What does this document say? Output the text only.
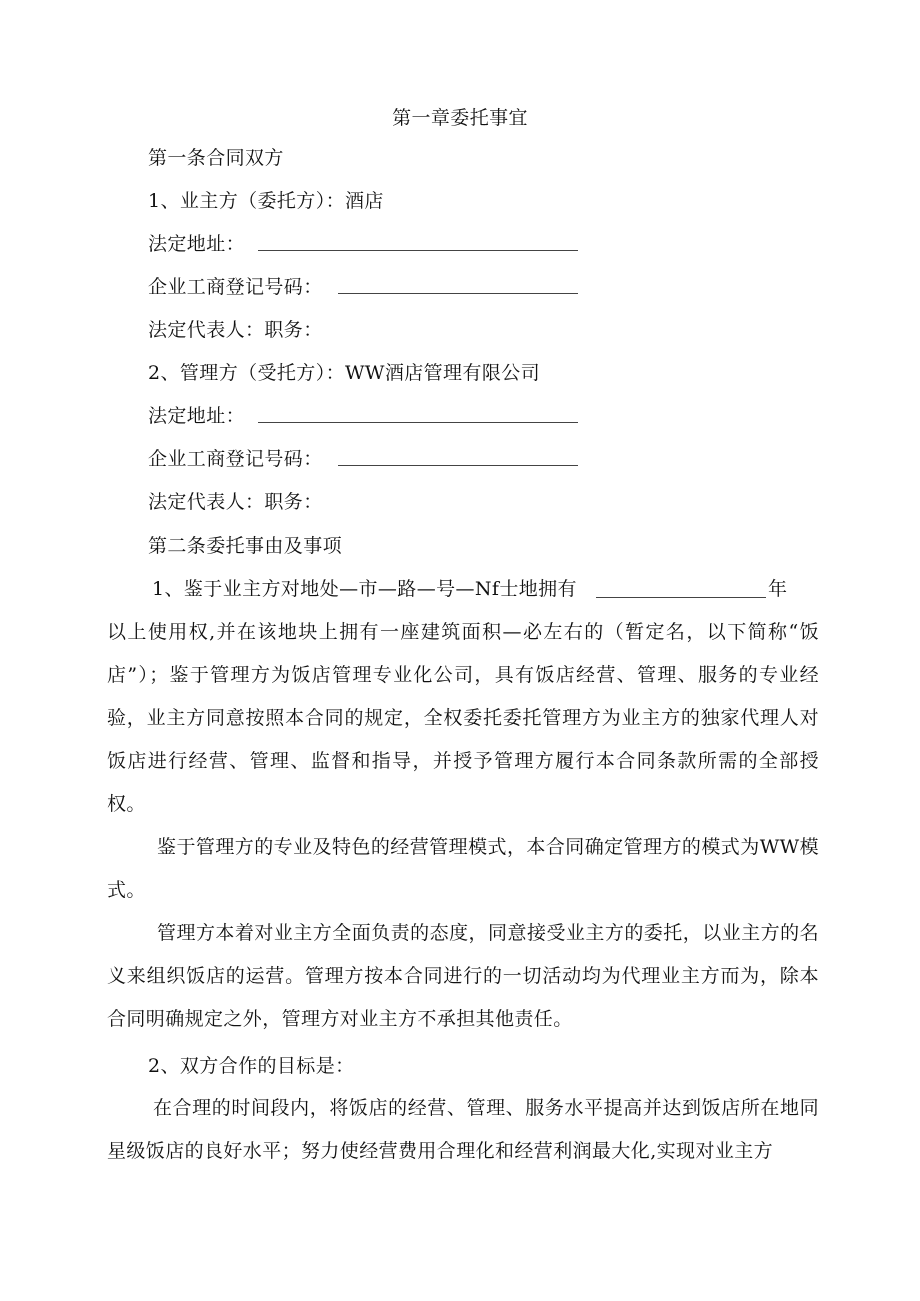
第一章委托事宜
第一条合同双方
1、业主方（委托方）：酒店
法定地址：
企业工商登记号码：
法定代表人：职务：
2、管理方（受托方）：WW酒店管理有限公司
法定地址：
企业工商登记号码：
法定代表人：职务：
第二条委托事由及事项
1、鉴于业主方对地处—市—路—号—Nf士地拥有	年
以上使用权,并在该地块上拥有一座建筑面积—必左右的（暂定名，以下简称“饭店”）；鉴于管理方为饭店管理专业化公司，具有饭店经营、管理、服务的专业经验，业主方同意按照本合同的规定，全权委托委托管理方为业主方的独家代理人对饭店进行经营、管理、监督和指导，并授予管理方履行本合同条款所需的全部授权。
鉴于管理方的专业及特色的经营管理模式，本合同确定管理方的模式为WW模式。
管理方本着对业主方全面负责的态度，同意接受业主方的委托，以业主方的名义来组织饭店的运营。管理方按本合同进行的一切活动均为代理业主方而为，除本合同明确规定之外，管理方对业主方不承担其他责任。
2、双方合作的目标是：
在合理的时间段内，将饭店的经营、管理、服务水平提高并达到饭店所在地同星级饭店的良好水平；努力使经营费用合理化和经营利润最大化,实现对业主方
